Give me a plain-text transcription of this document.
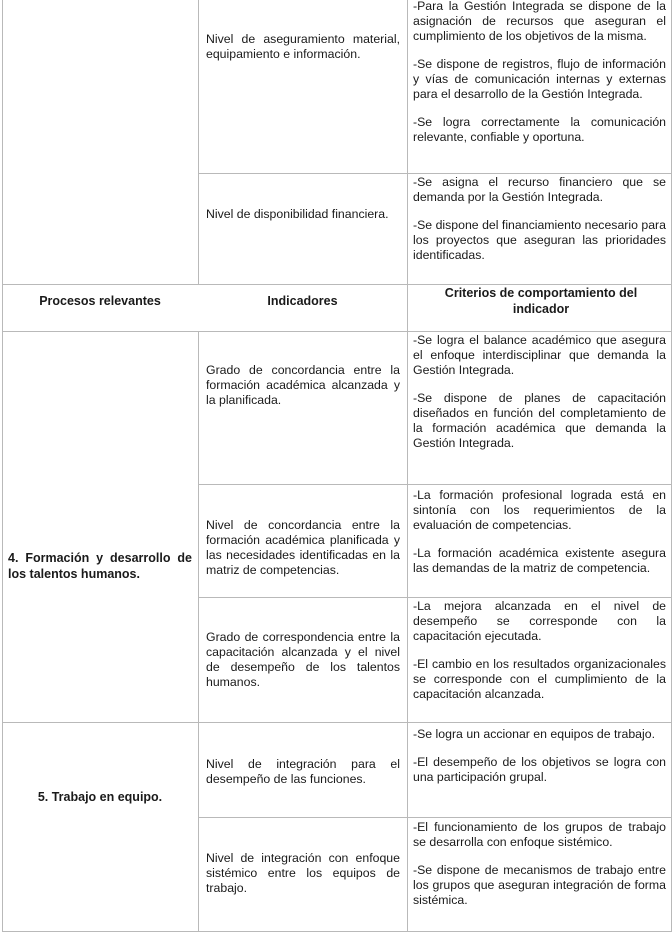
Nivel de aseguramiento material, equipamiento e información.

-Para la Gestión Integrada se dispone de la asignación de recursos que aseguran el cumplimiento de los objetivos de la misma.

-Se dispone de registros, flujo de información y vías de comunicación internas y externas para el desarrollo de la Gestión Integrada.

-Se logra correctamente la comunicación relevante, confiable y oportuna.

Nivel de disponibilidad financiera.

-Se asigna el recurso financiero que se demanda por la Gestión Integrada.

-Se dispone del financiamiento necesario para los proyectos que aseguran las prioridades identificadas.

Procesos relevantes	Indicadores
Criterios de comportamiento del indicador
4. Formación y desarrollo de los talentos humanos.
Grado de concordancia entre la formación académica alcanzada y la planificada.

-Se logra el balance académico que asegura el enfoque interdisciplinar que demanda la Gestión Integrada.

-Se dispone de planes de capacitación diseñados en función del completamiento de la formación académica que demanda la Gestión Integrada.

Nivel de concordancia entre la formación académica planificada y las necesidades identificadas en la matriz de competencias.

-La formación profesional lograda está en sintonía con los requerimientos de la evaluación de competencias.

-La formación académica existente asegura las demandas de la matriz de competencia.

Grado de correspondencia entre la capacitación alcanzada y el nivel de desempeño de los talentos humanos.

-La mejora alcanzada en el nivel de desempeño se corresponde con la capacitación ejecutada.

-El cambio en los resultados organizacionales se corresponde con el cumplimiento de la capacitación alcanzada.

5. Trabajo en equipo.
Nivel de integración para el desempeño de las funciones.

-Se logra un accionar en equipos de trabajo.

-El desempeño de los objetivos se logra con una participación grupal.

Nivel de integración con enfoque sistémico entre los equipos de trabajo.

-El funcionamiento de los grupos de trabajo se desarrolla con enfoque sistémico.

-Se dispone de mecanismos de trabajo entre los grupos que aseguran integración de forma sistémica.
